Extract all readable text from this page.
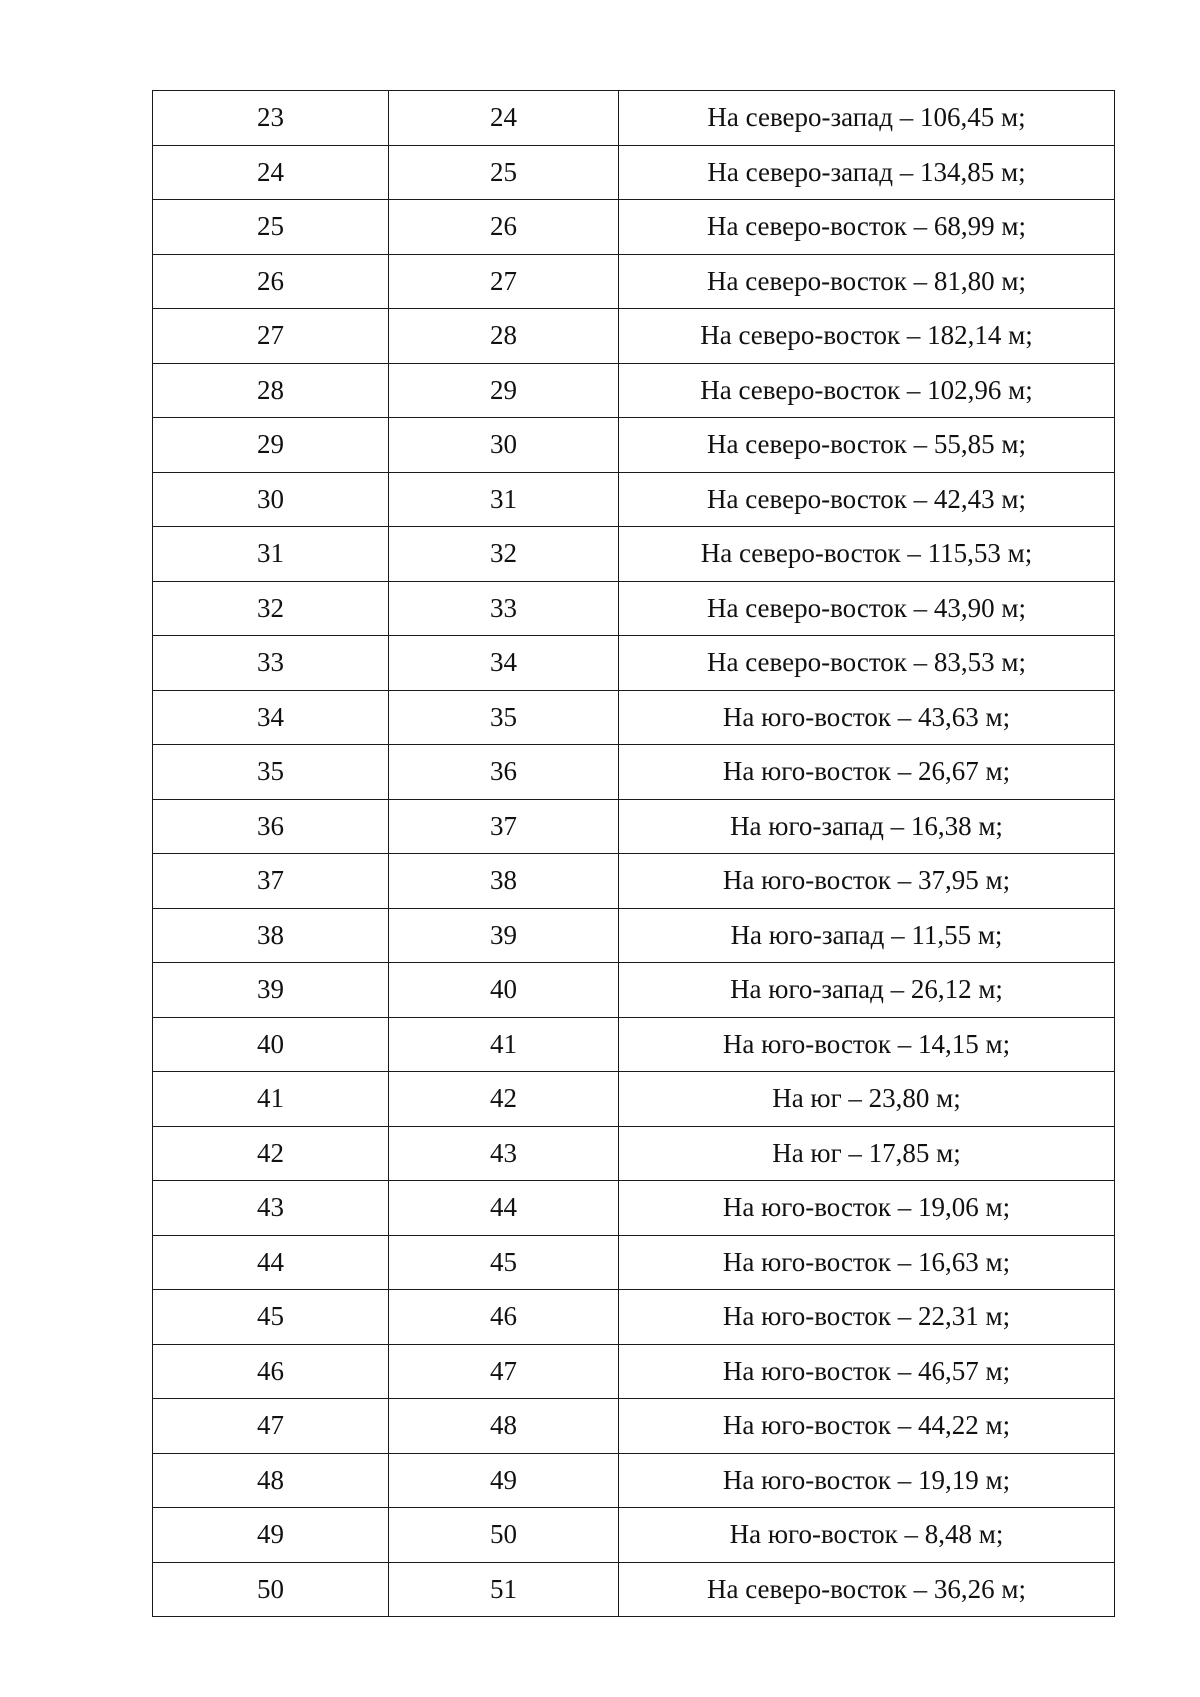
23	24	На северо-запад – 106,45 м;
24	25	На северо-запад – 134,85 м;
25	26	На северо-восток – 68,99 м;
26	27	На северо-восток – 81,80 м;
27	28	На северо-восток – 182,14 м;
28	29	На северо-восток – 102,96 м;
29	30	На северо-восток – 55,85 м;
30	31	На северо-восток – 42,43 м;
31	32	На северо-восток – 115,53 м;
32	33	На северо-восток – 43,90 м;
33	34	На северо-восток – 83,53 м;
34	35	На юго-восток – 43,63 м;
35	36	На юго-восток – 26,67 м;
36	37	На юго-запад – 16,38 м;
37	38	На юго-восток – 37,95 м;
38	39	На юго-запад – 11,55 м;
39	40	На юго-запад – 26,12 м;
40	41	На юго-восток – 14,15 м;
41	42	На юг – 23,80 м;
42	43	На юг – 17,85 м;
43	44	На юго-восток – 19,06 м;
44	45	На юго-восток – 16,63 м;
45	46	На юго-восток – 22,31 м;
46	47	На юго-восток – 46,57 м;
47	48	На юго-восток – 44,22 м;
48	49	На юго-восток – 19,19 м;
49	50	На юго-восток – 8,48 м;
50	51	На северо-восток – 36,26 м;
